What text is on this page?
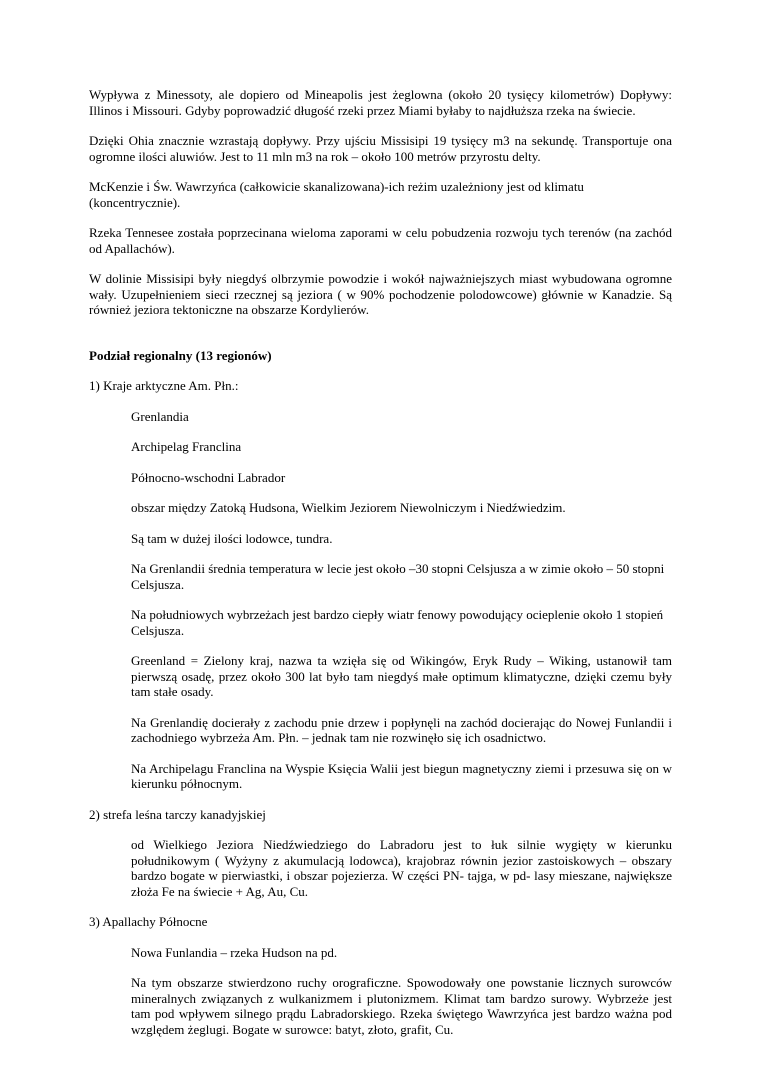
Wypływa z Minessoty, ale dopiero od Mineapolis jest żeglowna (około 20 tysięcy kilometrów) Dopływy: Illinos i Missouri. Gdyby poprowadzić długość rzeki przez Miami byłaby to najdłuższa rzeka na świecie.

Dzięki Ohia znacznie wzrastają dopływy. Przy ujściu Missisipi 19 tysięcy m3 na sekundę. Transportuje ona ogromne ilości aluwiów. Jest to 11 mln m3 na rok – około 100 metrów przyrostu delty.

McKenzie i Św. Wawrzyńca (całkowicie skanalizowana)-ich reżim uzależniony jest od klimatu (koncentrycznie).

Rzeka Tennesee została poprzecinana wieloma zaporami w celu pobudzenia rozwoju tych terenów (na zachód od Apallachów).

W dolinie Missisipi były niegdyś olbrzymie powodzie i wokół najważniejszych miast wybudowana ogromne wały. Uzupełnieniem sieci rzecznej są jeziora ( w 90% pochodzenie polodowcowe) głównie w Kanadzie. Są również jeziora tektoniczne na obszarze Kordylierów.

Podział regionalny (13 regionów)

1) Kraje arktyczne Am. Płn.:

Grenlandia

Archipelag Franclina

Północno-wschodni Labrador

obszar między Zatoką Hudsona, Wielkim Jeziorem Niewolniczym i Niedźwiedzim.

Są tam w dużej ilości lodowce, tundra.

Na Grenlandii średnia temperatura w lecie jest około –30 stopni Celsjusza a w zimie około – 50 stopni Celsjusza.

Na południowych wybrzeżach jest bardzo ciepły wiatr fenowy powodujący ocieplenie około 1 stopień Celsjusza.

Greenland = Zielony kraj, nazwa ta wzięła się od Wikingów, Eryk Rudy – Wiking, ustanowił tam pierwszą osadę, przez około 300 lat było tam niegdyś małe optimum klimatyczne, dzięki czemu były tam stałe osady.

Na Grenlandię docierały z zachodu pnie drzew i popłynęli na zachód docierając do Nowej Funlandii i zachodniego wybrzeża Am. Płn. – jednak tam nie rozwinęło się ich osadnictwo.

Na Archipelagu Franclina na Wyspie Księcia Walii jest biegun magnetyczny ziemi i przesuwa się on w kierunku północnym.

2) strefa leśna tarczy kanadyjskiej

od Wielkiego Jeziora Niedźwiedziego do Labradoru jest to łuk silnie wygięty w kierunku południkowym ( Wyżyny z akumulacją lodowca), krajobraz równin jezior zastoiskowych – obszary bardzo bogate w pierwiastki, i obszar pojezierza. W części PN- tajga, w pd- lasy mieszane, największe złoża Fe na świecie + Ag, Au, Cu.

3) Apallachy Północne

Nowa Funlandia – rzeka Hudson na pd.

Na tym obszarze stwierdzono ruchy orograficzne. Spowodowały one powstanie licznych surowców mineralnych związanych z wulkanizmem i plutonizmem. Klimat tam bardzo surowy. Wybrzeże jest tam pod wpływem silnego prądu Labradorskiego. Rzeka świętego Wawrzyńca jest bardzo ważna pod względem żeglugi. Bogate w surowce: batyt, złoto, grafit, Cu.
